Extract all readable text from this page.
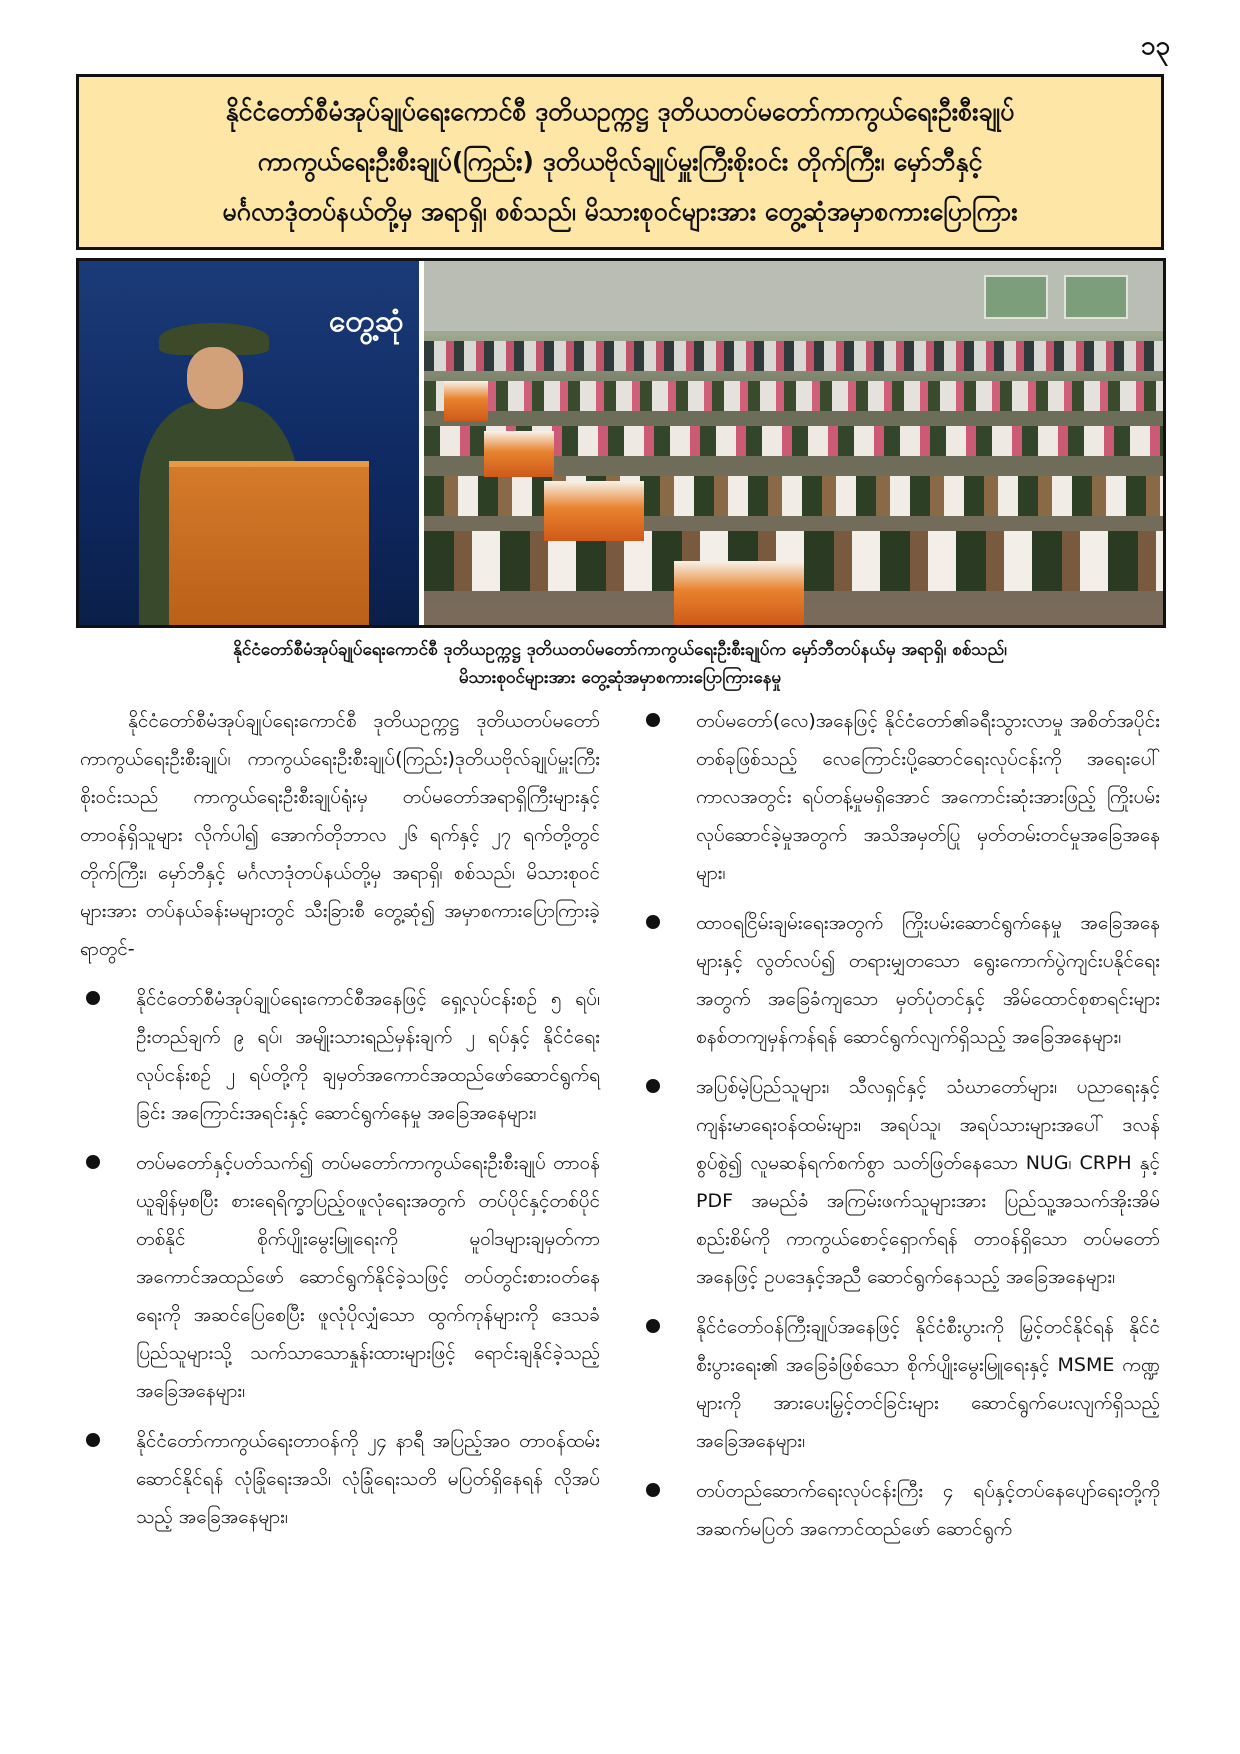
၁၃
နိုင်ငံတော်စီမံအုပ်ချုပ်ရေးကောင်စီ ဒုတိယဥက္ကဋ္ဌ ဒုတိယတပ်မတော်ကာကွယ်ရေးဦးစီးချုပ်
ကာကွယ်ရေးဦးစီးချုပ်(ကြည်း) ဒုတိယဗိုလ်ချုပ်မှူးကြီးစိုးဝင်း တိုက်ကြီး၊ မှော်ဘီနှင့်
မင်္ဂလာဒုံတပ်နယ်တို့မှ အရာရှိ၊ စစ်သည်၊ မိသားစုဝင်များအား တွေ့ဆုံအမှာစကားပြောကြား
တွေ့ဆုံ
နိုင်ငံတော်စီမံအုပ်ချုပ်ရေးကောင်စီ ဒုတိယဥက္ကဋ္ဌ ဒုတိယတပ်မတော်ကာကွယ်ရေးဦးစီးချုပ်က မှော်ဘီတပ်နယ်မှ အရာရှိ၊ စစ်သည်၊
မိသားစုဝင်များအား တွေ့ဆုံအမှာစကားပြောကြားနေမှု

နိုင်ငံတော်စီမံအုပ်ချုပ်ရေးကောင်စီ ဒုတိယဥက္ကဋ္ဌ ဒုတိယတပ်မတော်ကာကွယ်ရေးဦးစီးချုပ်၊ ကာကွယ်ရေးဦးစီးချုပ်(ကြည်း)ဒုတိယဗိုလ်ချုပ်မှူးကြီး စိုးဝင်းသည် ကာကွယ်ရေးဦးစီးချုပ်ရုံးမှ တပ်မတော်အရာရှိကြီးများနှင့် တာဝန်ရှိသူများ လိုက်ပါ၍ အောက်တိုဘာလ ၂၆ ရက်နှင့် ၂၇ ရက်တို့တွင် တိုက်ကြီး၊ မှော်ဘီနှင့် မင်္ဂလာဒုံတပ်နယ်တို့မှ အရာရှိ၊ စစ်သည်၊ မိသားစုဝင်များအား တပ်နယ်ခန်းမများတွင် သီးခြားစီ တွေ့ဆုံ၍ အမှာစကားပြောကြားခဲ့ရာတွင်-

နိုင်ငံတော်စီမံအုပ်ချုပ်ရေးကောင်စီအနေဖြင့် ရှေ့လုပ်ငန်းစဉ် ၅ ရပ်၊ ဦးတည်ချက် ၉ ရပ်၊ အမျိုးသားရည်မှန်းချက် ၂ ရပ်နှင့် နိုင်ငံရေးလုပ်ငန်းစဉ် ၂ ရပ်တို့ကို ချမှတ်အကောင်အထည်ဖော်ဆောင်ရွက်ရခြင်း အကြောင်းအရင်းနှင့် ဆောင်ရွက်နေမှု အခြေအနေများ၊
တပ်မတော်နှင့်ပတ်သက်၍ တပ်မတော်ကာကွယ်ရေးဦးစီးချုပ် တာဝန်ယူချိန်မှစပြီး စားရေရိက္ခာပြည့်ဝဖူလုံရေးအတွက် တပ်ပိုင်နှင့်တစ်ပိုင်တစ်နိုင် စိုက်ပျိုးမွေးမြူရေးကို မူဝါဒများချမှတ်ကာ အကောင်အထည်ဖော် ဆောင်ရွက်နိုင်ခဲ့သဖြင့် တပ်တွင်းစားဝတ်နေရေးကို အဆင်ပြေစေပြီး ဖူလုံပိုလျှံသော ထွက်ကုန်များကို ဒေသခံပြည်သူများသို့ သက်သာသောနှုန်းထားများဖြင့် ရောင်းချနိုင်ခဲ့သည့်အခြေအနေများ၊
နိုင်ငံတော်ကာကွယ်ရေးတာဝန်ကို ၂၄ နာရီ အပြည့်အဝ တာဝန်ထမ်းဆောင်နိုင်ရန် လုံခြုံရေးအသိ၊ လုံခြုံရေးသတိ မပြတ်ရှိနေရန် လိုအပ်သည့် အခြေအနေများ၊
တပ်မတော်(လေ)အနေဖြင့် နိုင်ငံတော်၏ခရီးသွားလာမှု အစိတ်အပိုင်းတစ်ခုဖြစ်သည့် လေကြောင်းပို့ဆောင်ရေးလုပ်ငန်းကို အရေးပေါ်ကာလအတွင်း ရပ်တန့်မှုမရှိအောင် အကောင်းဆုံးအားဖြည့် ကြိုးပမ်းလုပ်ဆောင်ခဲ့မှုအတွက် အသိအမှတ်ပြု မှတ်တမ်းတင်မှုအခြေအနေများ၊
ထာဝရငြိမ်းချမ်းရေးအတွက် ကြိုးပမ်းဆောင်ရွက်နေမှု အခြေအနေများနှင့် လွတ်လပ်၍ တရားမျှတသော ရွေးကောက်ပွဲကျင်းပနိုင်ရေးအတွက် အခြေခံကျသော မှတ်ပုံတင်နှင့် အိမ်ထောင်စုစာရင်းများ စနစ်တကျမှန်ကန်ရန် ဆောင်ရွက်လျက်ရှိသည့် အခြေအနေများ၊
အပြစ်မဲ့ပြည်သူများ၊ သီလရှင်နှင့် သံဃာတော်များ၊ ပညာရေးနှင့် ကျန်းမာရေးဝန်ထမ်းများ၊ အရပ်သူ၊ အရပ်သားများအပေါ် ဒလန်စွပ်စွဲ၍ လူမဆန်ရက်စက်စွာ သတ်ဖြတ်နေသော NUG၊ CRPH နှင့် PDF အမည်ခံ အကြမ်းဖက်သူများအား ပြည်သူ့အသက်အိုးအိမ်စည်းစိမ်ကို ကာကွယ်စောင့်ရှောက်ရန် တာဝန်ရှိသော တပ်မတော်အနေဖြင့် ဥပဒေနှင့်အညီ ဆောင်ရွက်နေသည့် အခြေအနေများ၊
နိုင်ငံတော်ဝန်ကြီးချုပ်အနေဖြင့် နိုင်ငံစီးပွားကို မြှင့်တင်နိုင်ရန် နိုင်ငံစီးပွားရေး၏ အခြေခံဖြစ်သော စိုက်ပျိုးမွေးမြူရေးနှင့် MSME ကဏ္ဍများကို အားပေးမြှင့်တင်ခြင်းများ ဆောင်ရွက်ပေးလျက်ရှိသည့် အခြေအနေများ၊
တပ်တည်ဆောက်ရေးလုပ်ငန်းကြီး ၄ ရပ်နှင့်တပ်နေပျော်ရေးတို့ကို အဆက်မပြတ် အကောင်ထည်ဖော် ဆောင်ရွက်
